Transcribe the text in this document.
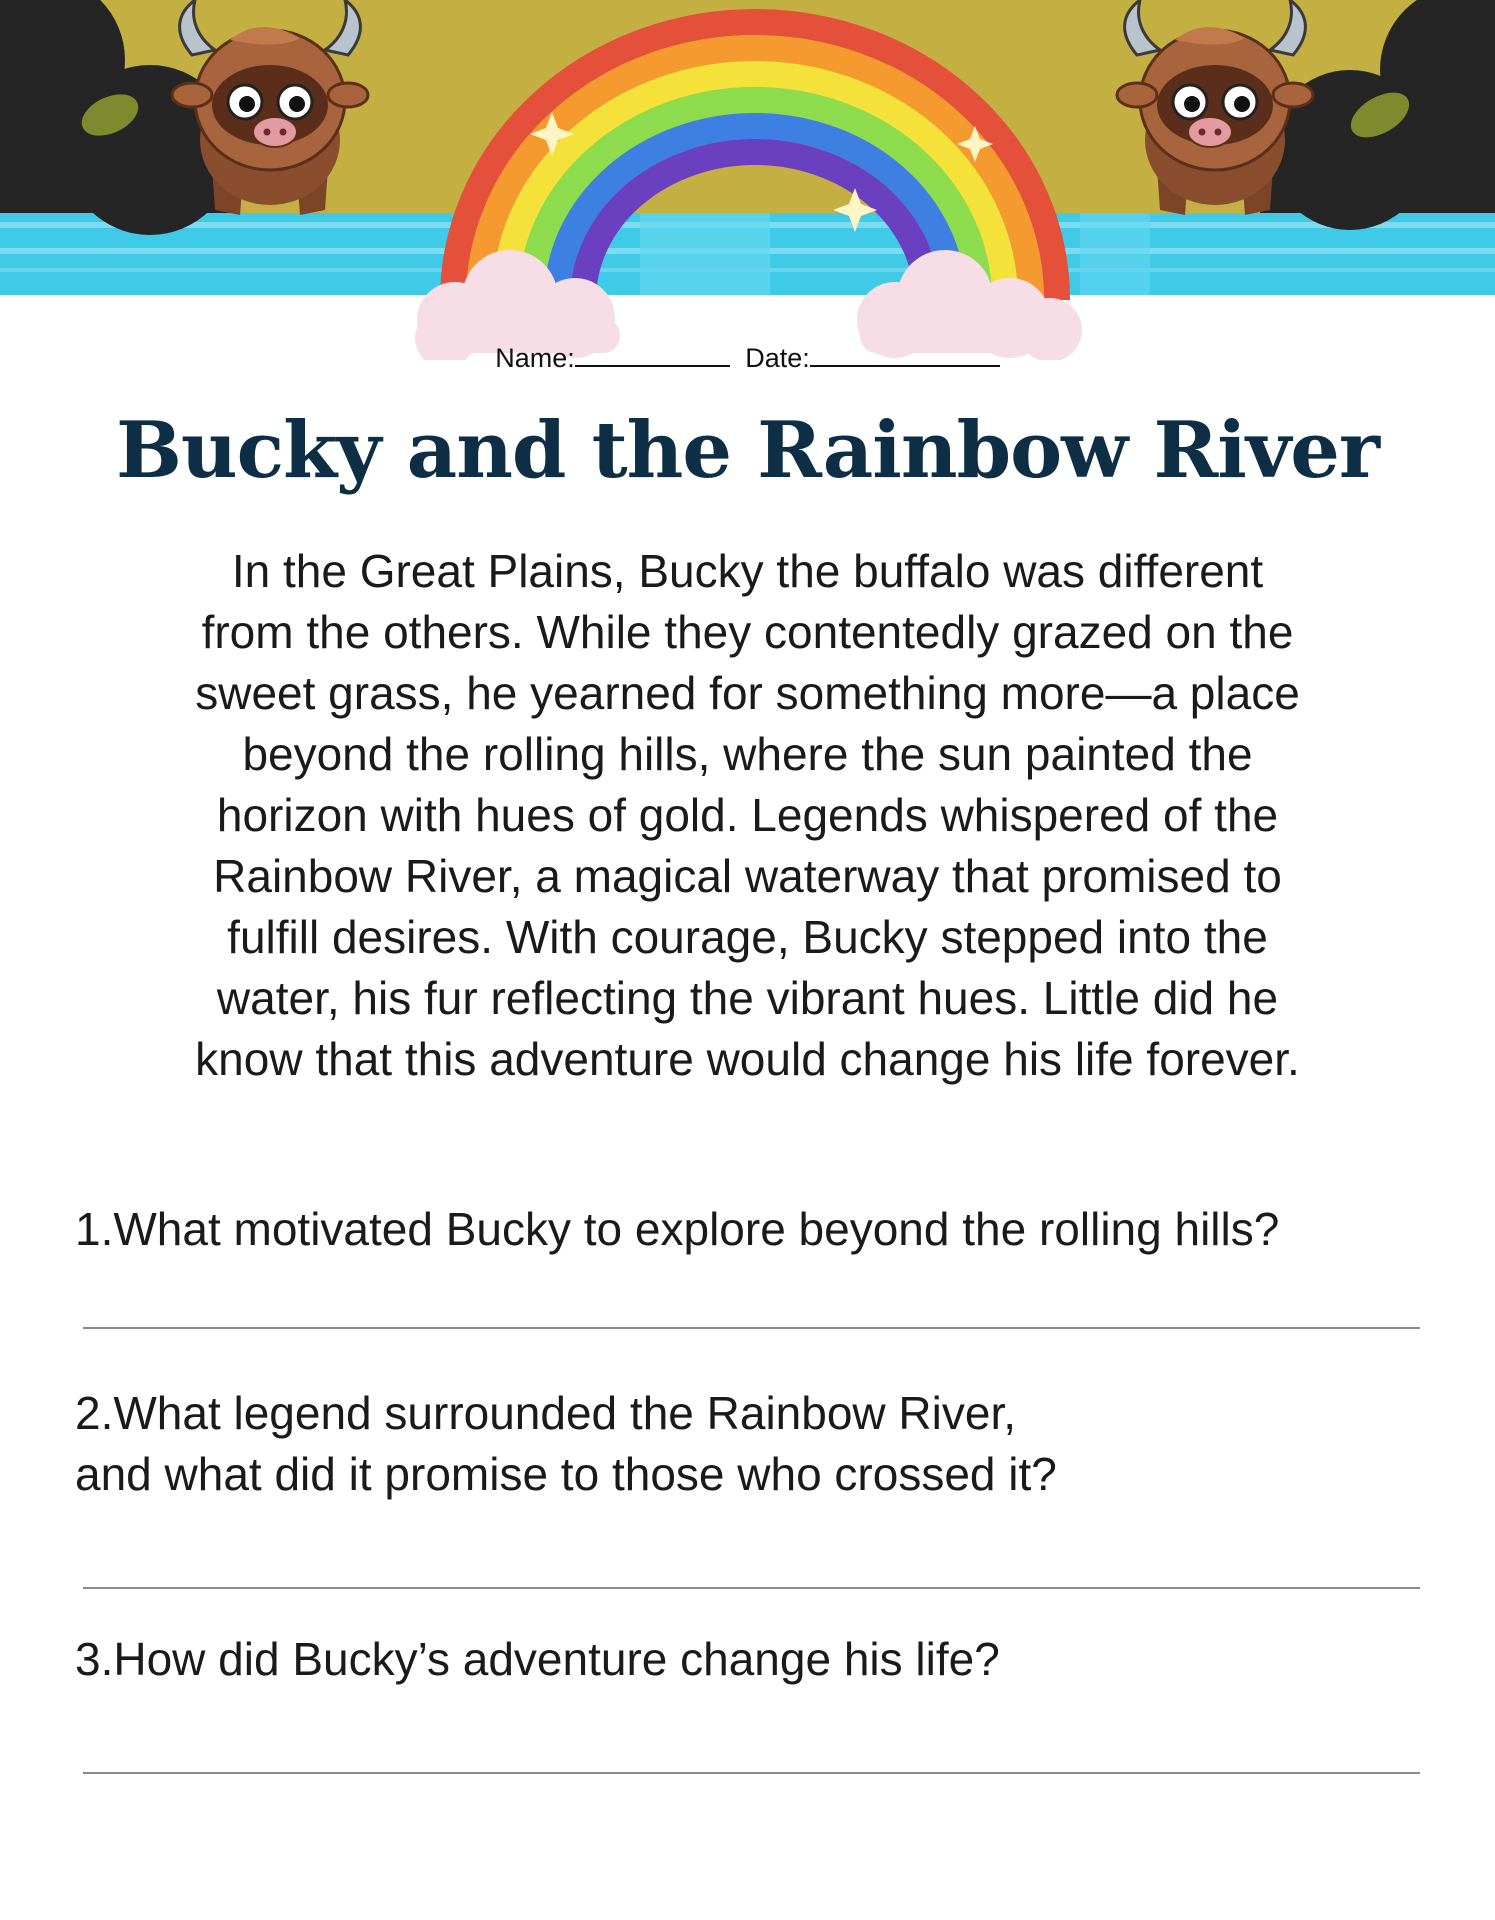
Name:	Date:
Bucky and the Rainbow River
In the Great Plains, Bucky the buffalo was different
from the others. While they contentedly grazed on the
sweet grass, he yearned for something more—a place
beyond the rolling hills, where the sun painted the
horizon with hues of gold. Legends whispered of the
Rainbow River, a magical waterway that promised to
fulfill desires. With courage, Bucky stepped into the
water, his fur reflecting the vibrant hues. Little did he
know that this adventure would change his life forever.
1.What motivated Bucky to explore beyond the rolling hills?
2.What legend surrounded the Rainbow River,
and what did it promise to those who crossed it?
3.How did Bucky’s adventure change his life?
